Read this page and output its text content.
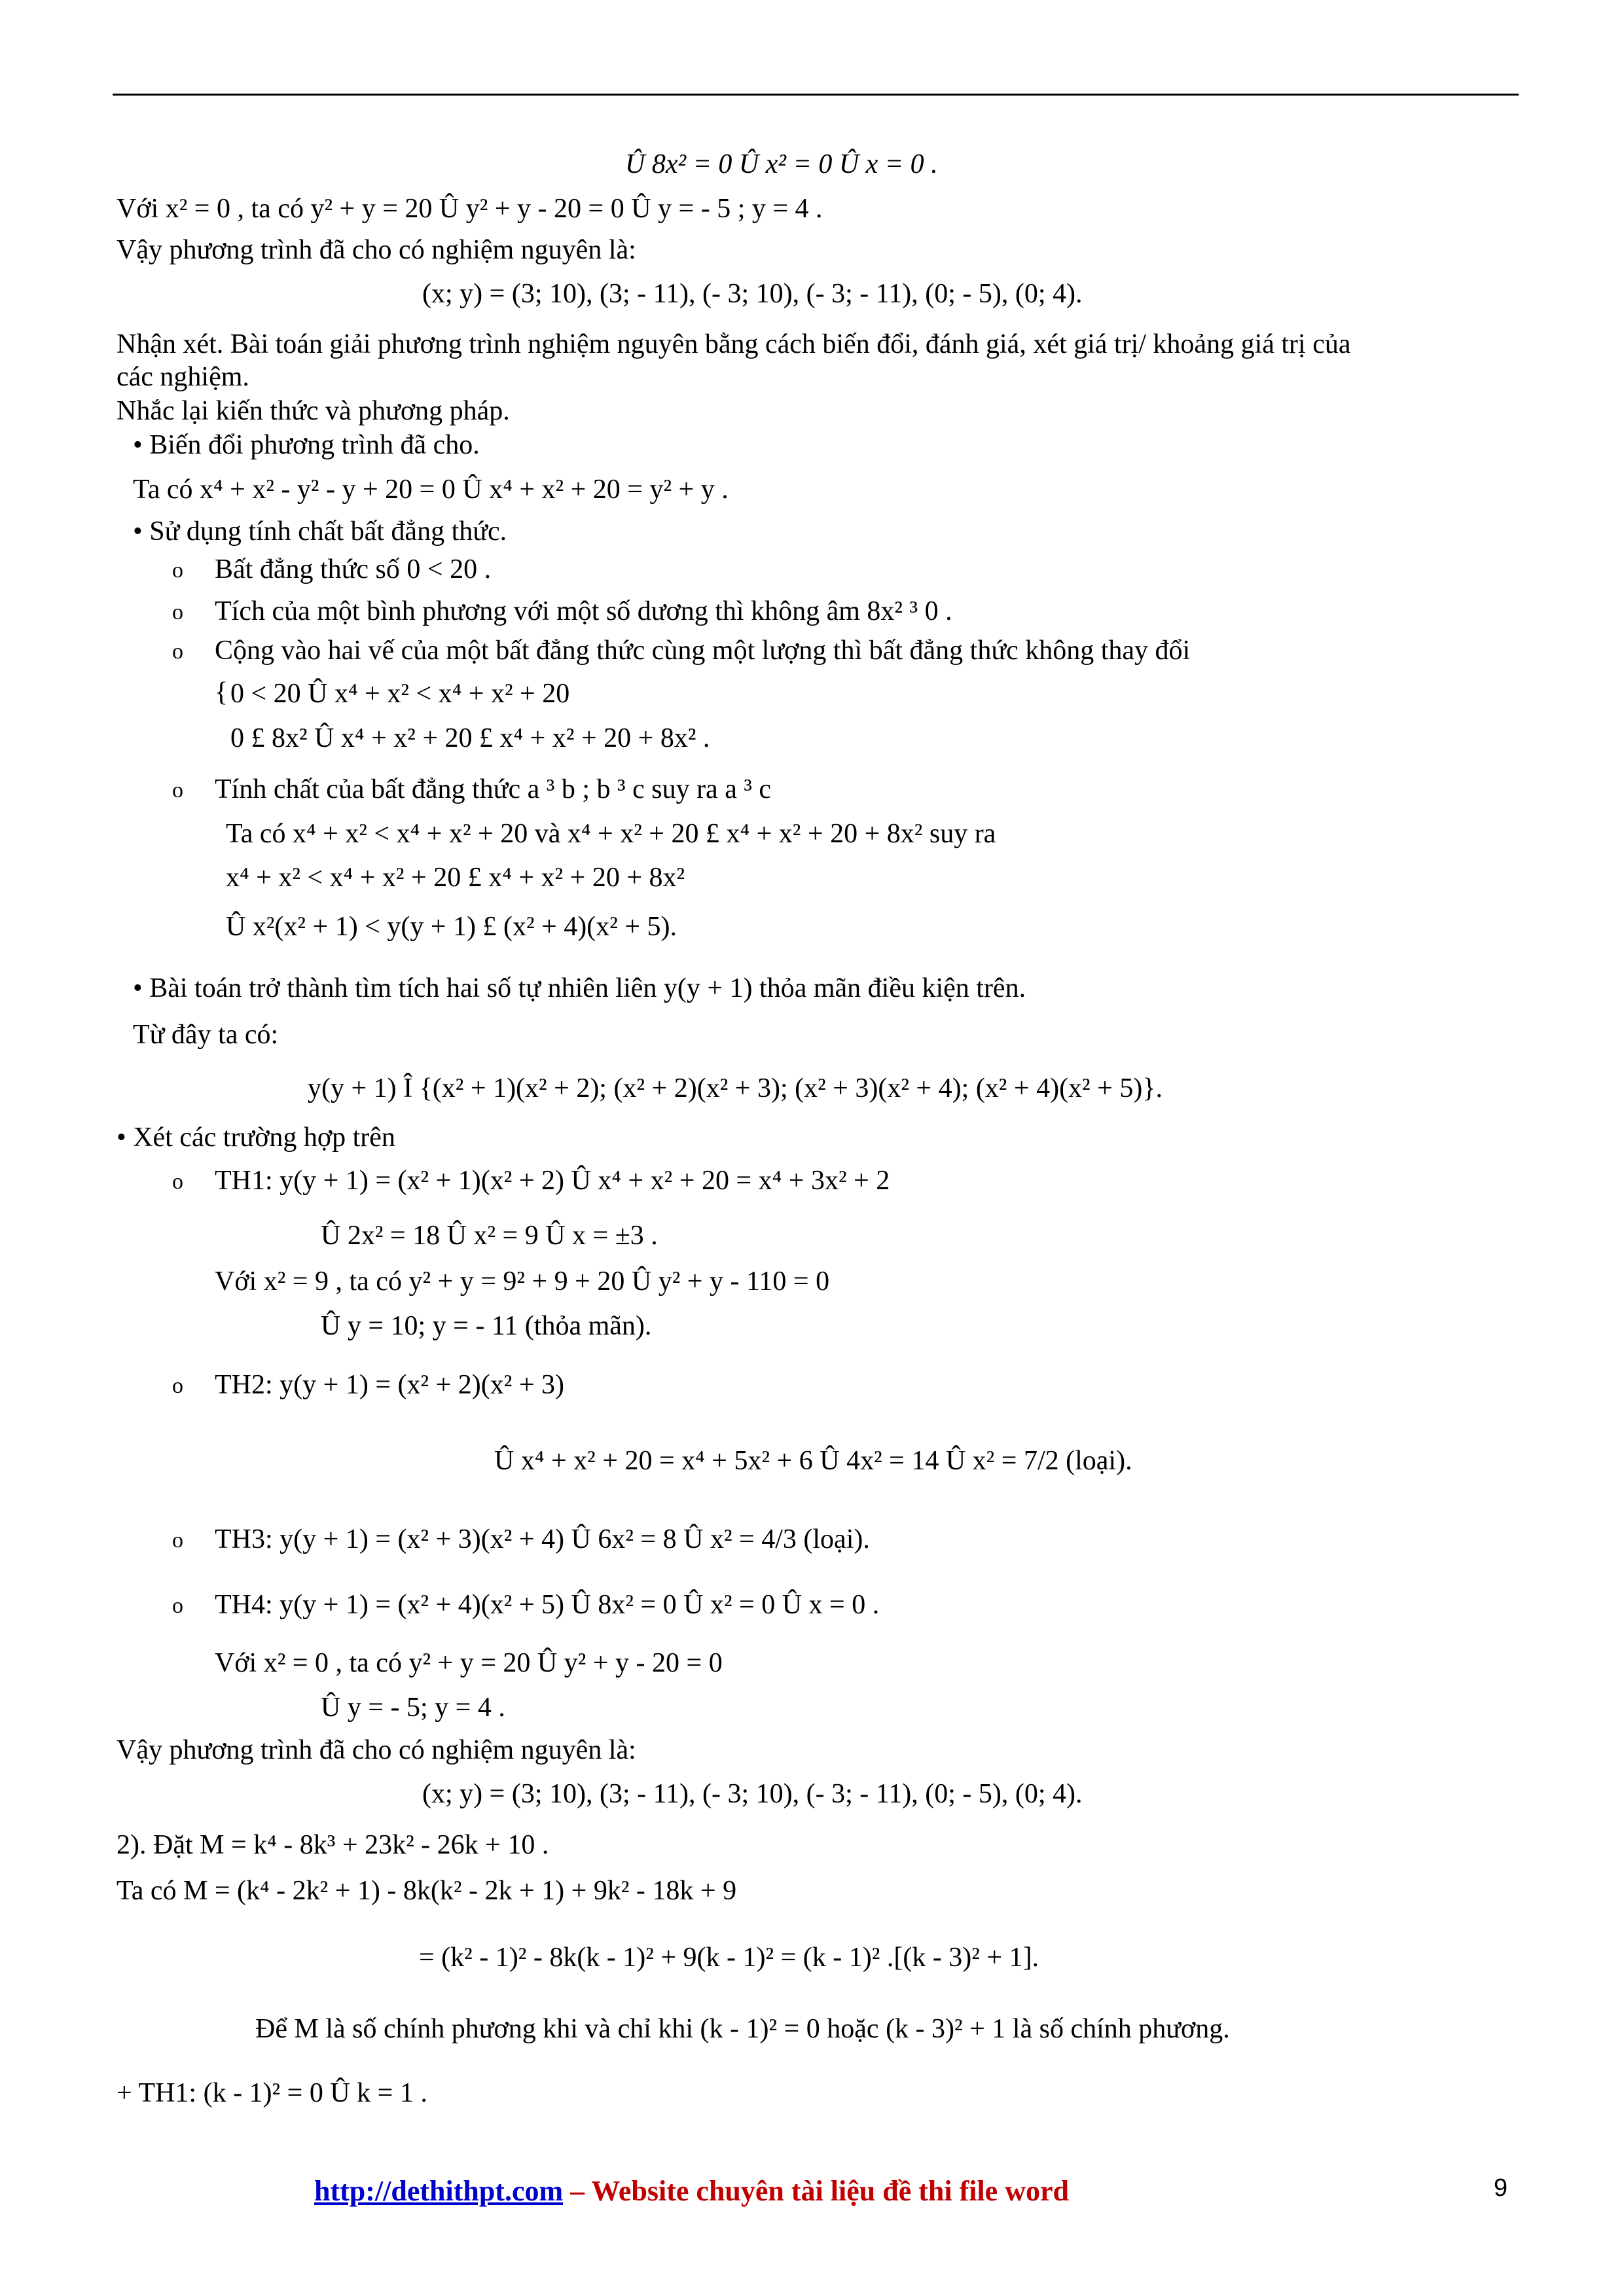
Û 8x² = 0 Û x² = 0 Û x = 0 .
Với x² = 0 , ta có y² + y = 20 Û y² + y - 20 = 0 Û y = - 5 ; y = 4 .
Vậy phương trình đã cho có nghiệm nguyên là:
(x; y) = (3; 10), (3; - 11), (- 3; 10), (- 3; - 11), (0; - 5), (0; 4).
Nhận xét. Bài toán giải phương trình nghiệm nguyên bằng cách biến đổi, đánh giá, xét giá trị/ khoảng giá trị của
các nghiệm.
Nhắc lại kiến thức và phương pháp.
• Biến đổi phương trình đã cho.
Ta có x⁴ + x² - y² - y + 20 = 0 Û x⁴ + x² + 20 = y² + y .
• Sử dụng tính chất bất đẳng thức.
o Bất đẳng thức số 0 < 20 .
o Tích của một bình phương với một số dương thì không âm 8x² ³ 0 .
o Cộng vào hai vế của một bất đẳng thức cùng một lượng thì bất đẳng thức không thay đổi
{ 0 < 20 Û x⁴ + x² < x⁴ + x² + 20
0 £ 8x² Û x⁴ + x² + 20 £ x⁴ + x² + 20 + 8x² .
o Tính chất của bất đẳng thức a ³ b ; b ³ c suy ra a ³ c
Ta có x⁴ + x² < x⁴ + x² + 20 và x⁴ + x² + 20 £ x⁴ + x² + 20 + 8x² suy ra
x⁴ + x² < x⁴ + x² + 20 £ x⁴ + x² + 20 + 8x²
Û x²(x² + 1) < y(y + 1) £ (x² + 4)(x² + 5).
• Bài toán trở thành tìm tích hai số tự nhiên liên y(y + 1) thỏa mãn điều kiện trên.
Từ đây ta có:
y(y + 1) Î {(x² + 1)(x² + 2); (x² + 2)(x² + 3); (x² + 3)(x² + 4); (x² + 4)(x² + 5)}.
• Xét các trường hợp trên
o TH1: y(y + 1) = (x² + 1)(x² + 2) Û x⁴ + x² + 20 = x⁴ + 3x² + 2
Û 2x² = 18 Û x² = 9 Û x = ±3 .
Với x² = 9 , ta có y² + y = 9² + 9 + 20 Û y² + y - 110 = 0
Û y = 10; y = - 11 (thỏa mãn).
o TH2: y(y + 1) = (x² + 2)(x² + 3)
Û x⁴ + x² + 20 = x⁴ + 5x² + 6 Û 4x² = 14 Û x² = 7/2 (loại).
o TH3: y(y + 1) = (x² + 3)(x² + 4) Û 6x² = 8 Û x² = 4/3 (loại).
o TH4: y(y + 1) = (x² + 4)(x² + 5) Û 8x² = 0 Û x² = 0 Û x = 0 .
Với x² = 0 , ta có y² + y = 20 Û y² + y - 20 = 0
Û y = - 5; y = 4 .
Vậy phương trình đã cho có nghiệm nguyên là:
(x; y) = (3; 10), (3; - 11), (- 3; 10), (- 3; - 11), (0; - 5), (0; 4).
2). Đặt M = k⁴ - 8k³ + 23k² - 26k + 10 .
Ta có M = (k⁴ - 2k² + 1) - 8k(k² - 2k + 1) + 9k² - 18k + 9
= (k² - 1)² - 8k(k - 1)² + 9(k - 1)² = (k - 1)² .[(k - 3)² + 1].
Để M là số chính phương khi và chỉ khi (k - 1)² = 0 hoặc (k - 3)² + 1 là số chính phương.
+ TH1: (k - 1)² = 0 Û k = 1 .
http://dethithpt.com – Website chuyên tài liệu đề thi file word	9
